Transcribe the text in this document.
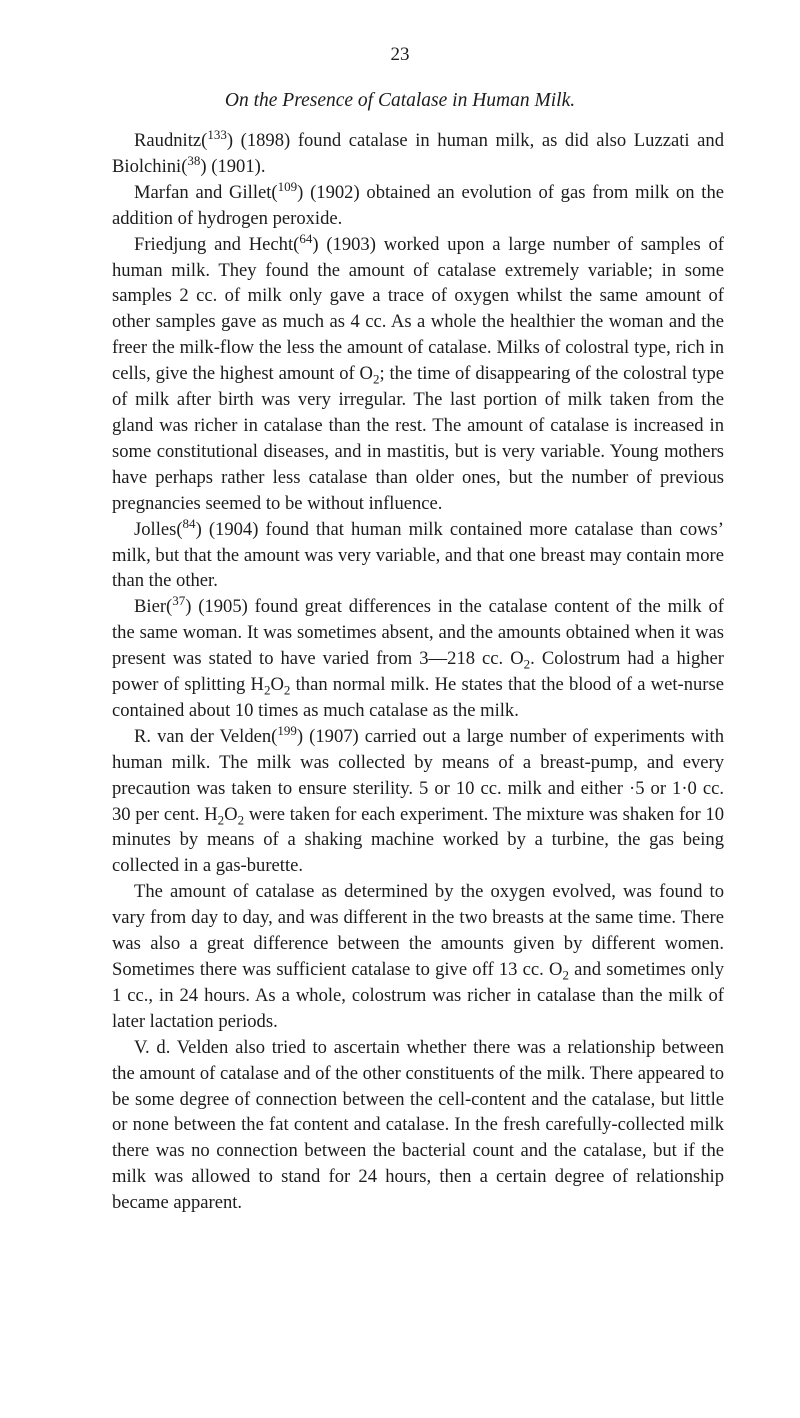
23
On the Presence of Catalase in Human Milk.

Raudnitz($^{133}$) (1898) found catalase in human milk, as did also Luzzati and Biolchini($^{38}$) (1901).

Marfan and Gillet($^{109}$) (1902) obtained an evolution of gas from milk on the addition of hydrogen peroxide.

Friedjung and Hecht($^{64}$) (1903) worked upon a large number of samples of human milk. They found the amount of catalase extremely variable; in some samples 2 cc. of milk only gave a trace of oxygen whilst the same amount of other samples gave as much as 4 cc. As a whole the healthier the woman and the freer the milk-flow the less the amount of catalase. Milks of colostral type, rich in cells, give the highest amount of $O_2$; the time of disappearing of the colostral type of milk after birth was very irregular. The last portion of milk taken from the gland was richer in catalase than the rest. The amount of catalase is increased in some constitutional diseases, and in mastitis, but is very variable. Young mothers have perhaps rather less catalase than older ones, but the number of previous pregnancies seemed to be without influence.

Jolles($^{84}$) (1904) found that human milk contained more catalase than cows’ milk, but that the amount was very variable, and that one breast may contain more than the other.

Bier($^{37}$) (1905) found great differences in the catalase content of the milk of the same woman. It was sometimes absent, and the amounts obtained when it was present was stated to have varied from 3—218 cc. $O_2$. Colostrum had a higher power of splitting $H_2O_2$ than normal milk. He states that the blood of a wet-nurse contained about 10 times as much catalase as the milk.

R. van der Velden($^{199}$) (1907) carried out a large number of experiments with human milk. The milk was collected by means of a breast-pump, and every precaution was taken to ensure sterility. 5 or 10 cc. milk and either ·5 or 1·0 cc. 30 per cent. $H_2O_2$ were taken for each experiment. The mixture was shaken for 10 minutes by means of a shaking machine worked by a turbine, the gas being collected in a gas-burette.

The amount of catalase as determined by the oxygen evolved, was found to vary from day to day, and was different in the two breasts at the same time. There was also a great difference between the amounts given by different women. Sometimes there was sufficient catalase to give off 13 cc. $O_2$ and sometimes only 1 cc., in 24 hours. As a whole, colostrum was richer in catalase than the milk of later lactation periods.

V. d. Velden also tried to ascertain whether there was a relationship between the amount of catalase and of the other constituents of the milk. There appeared to be some degree of connection between the cell-content and the catalase, but little or none between the fat content and catalase. In the fresh carefully-collected milk there was no connection between the bacterial count and the catalase, but if the milk was allowed to stand for 24 hours, then a certain degree of relationship became apparent.
